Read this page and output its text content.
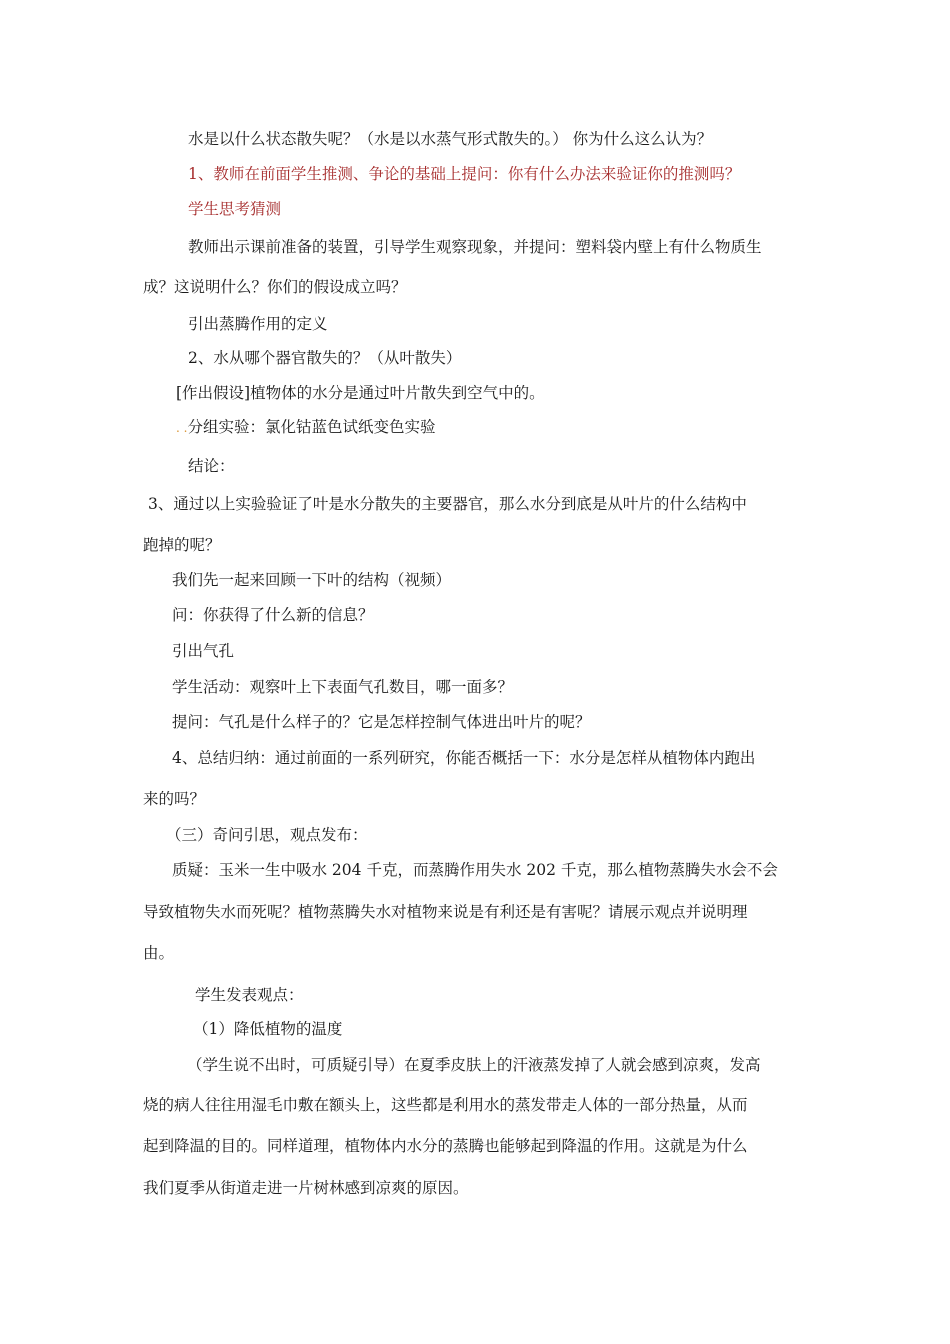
水是以什么状态散失呢？（水是以水蒸气形式散失的。） 你为什么这么认为？
1、教师在前面学生推测、争论的基础上提问：你有什么办法来验证你的推测吗？
学生思考猜测
教师出示课前准备的装置，引导学生观察现象，并提问：塑料袋内壁上有什么物质生
成？这说明什么？你们的假设成立吗？
引出蒸腾作用的定义
2、水从哪个器官散失的？（从叶散失）
[作出假设]植物体的水分是通过叶片散失到空气中的。
. .分组实验：氯化钴蓝色试纸变色实验
结论：
3、通过以上实验验证了叶是水分散失的主要器官，那么水分到底是从叶片的什么结构中
跑掉的呢？
我们先一起来回顾一下叶的结构（视频）
问：你获得了什么新的信息？
引出气孔
学生活动：观察叶上下表面气孔数目，哪一面多？
提问：气孔是什么样子的？它是怎样控制气体进出叶片的呢？
4、总结归纳：通过前面的一系列研究，你能否概括一下：水分是怎样从植物体内跑出
来的吗？
（三）奇问引思，观点发布：
质疑：玉米一生中吸水 204 千克，而蒸腾作用失水 202 千克，那么植物蒸腾失水会不会
导致植物失水而死呢？植物蒸腾失水对植物来说是有利还是有害呢？请展示观点并说明理
由。
学生发表观点：
（1）降低植物的温度
（学生说不出时，可质疑引导）在夏季皮肤上的汗液蒸发掉了人就会感到凉爽，发高
烧的病人往往用湿毛巾敷在额头上，这些都是利用水的蒸发带走人体的一部分热量，从而
起到降温的目的。同样道理，植物体内水分的蒸腾也能够起到降温的作用。这就是为什么
我们夏季从街道走进一片树林感到凉爽的原因。
